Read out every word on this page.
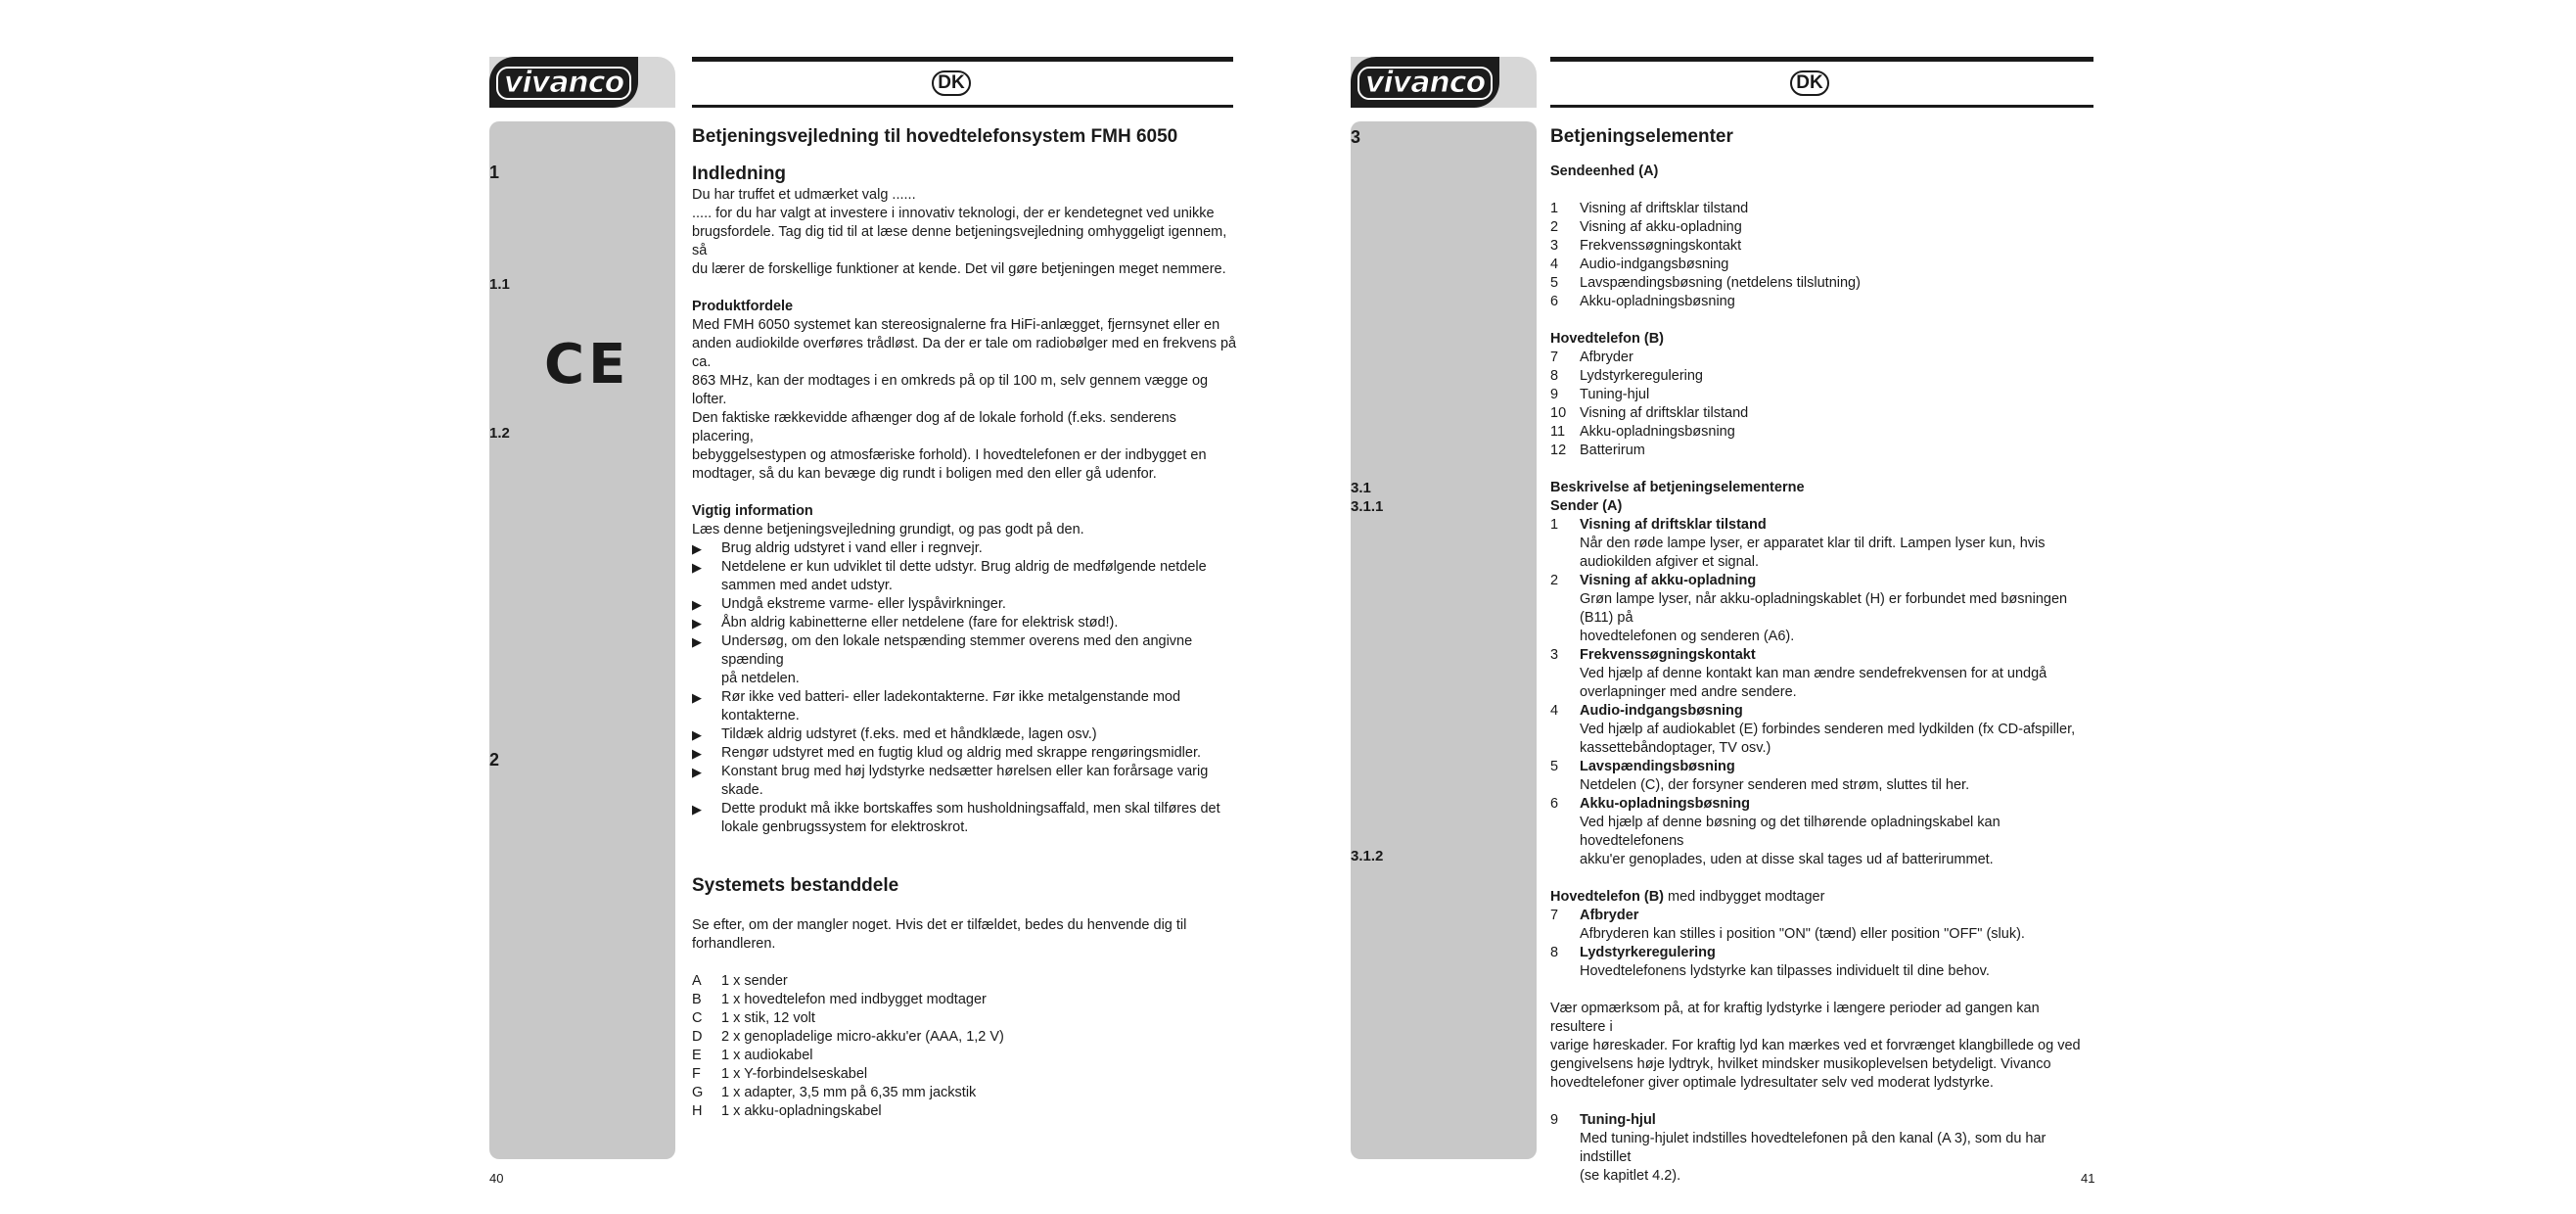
vivanco	DK
1
1.1
1.2
2
CE

Betjeningsvejledning til hovedtelefonsystem FMH 6050

Indledning

Du har truffet et udmærket valg ......

..... for du har valgt at investere i innovativ teknologi, der er kendetegnet ved unikke

brugsfordele. Tag dig tid til at læse denne betjeningsvejledning omhyggeligt igennem, så

du lærer de forskellige funktioner at kende. Det vil gøre betjeningen meget nemmere.

Produktfordele

Med FMH 6050 systemet kan stereosignalerne fra HiFi-anlægget, fjernsynet eller en

anden audiokilde overføres trådløst. Da der er tale om radiobølger med en frekvens på ca.

863 MHz, kan der modtages i en omkreds på op til 100 m, selv gennem vægge og lofter.

Den faktiske rækkevidde afhænger dog af de lokale forhold (f.eks. senderens placering,

bebyggelsestypen og atmosfæriske forhold). I hovedtelefonen er der indbygget en

modtager, så du kan bevæge dig rundt i boligen med den eller gå udenfor.

Vigtig information

Læs denne betjeningsvejledning grundigt, og pas godt på den.

▶	Brug aldrig udstyret i vand eller i regnvejr.

▶	Netdelene er kun udviklet til dette udstyr. Brug aldrig de medfølgende netdele

sammen med andet udstyr.

▶	Undgå ekstreme varme- eller lyspåvirkninger.

▶	Åbn aldrig kabinetterne eller netdelene (fare for elektrisk stød!).

▶	Undersøg, om den lokale netspænding stemmer overens med den angivne spænding

på netdelen.

▶	Rør ikke ved batteri- eller ladekontakterne. Før ikke metalgenstande mod

kontakterne.

▶	Tildæk aldrig udstyret (f.eks. med et håndklæde, lagen osv.)

▶	Rengør udstyret med en fugtig klud og aldrig med skrappe rengøringsmidler.

▶	Konstant brug med høj lydstyrke nedsætter hørelsen eller kan forårsage varig skade.

▶	Dette produkt må ikke bortskaffes som husholdningsaffald, men skal tilføres det

lokale genbrugssystem for elektroskrot.

Systemets bestanddele

Se efter, om der mangler noget. Hvis det er tilfældet, bedes du henvende dig til

forhandleren.

A	1 x sender
B	1 x hovedtelefon med indbygget modtager
C	1 x stik, 12 volt
D	2 x genopladelige micro-akku'er (AAA, 1,2 V)
E	1 x audiokabel
F	1 x Y-forbindelseskabel
G	1 x adapter, 3,5 mm på 6,35 mm jackstik
H	1 x akku-opladningskabel
40
vivanco	DK
3
3.1
3.1.1
3.1.2

Betjeningselementer

Sendeenhed (A)

1	Visning af driftsklar tilstand
2	Visning af akku-opladning
3	Frekvenssøgningskontakt
4	Audio-indgangsbøsning
5	Lavspændingsbøsning (netdelens tilslutning)
6	Akku-opladningsbøsning

Hovedtelefon (B)

7	Afbryder
8	Lydstyrkeregulering
9	Tuning-hjul
10 Visning af driftsklar tilstand
11	Akku-opladningsbøsning
12 Batterirum

Beskrivelse af betjeningselementerne

Sender (A)

1	Visning af driftsklar tilstand

Når den røde lampe lyser, er apparatet klar til drift. Lampen lyser kun, hvis

audiokilden afgiver et signal.

2	Visning af akku-opladning

Grøn lampe lyser, når akku-opladningskablet (H) er forbundet med bøsningen (B11) på

hovedtelefonen og senderen (A6).

3	Frekvenssøgningskontakt

Ved hjælp af denne kontakt kan man ændre sendefrekvensen for at undgå

overlapninger med andre sendere.

4	Audio-indgangsbøsning

Ved hjælp af audiokablet (E) forbindes senderen med lydkilden (fx CD-afspiller,

kassettebåndoptager, TV osv.)

5	Lavspændingsbøsning

Netdelen (C), der forsyner senderen med strøm, sluttes til her.

6	Akku-opladningsbøsning

Ved hjælp af denne bøsning og det tilhørende opladningskabel kan hovedtelefonens

akku'er genoplades, uden at disse skal tages ud af batterirummet.

Hovedtelefon (B) med indbygget modtager

7	Afbryder

Afbryderen kan stilles i position "ON" (tænd) eller position "OFF" (sluk).

8	Lydstyrkeregulering

Hovedtelefonens lydstyrke kan tilpasses individuelt til dine behov.

Vær opmærksom på, at for kraftig lydstyrke i længere perioder ad gangen kan resultere i

varige høreskader. For kraftig lyd kan mærkes ved et forvrænget klangbillede og ved

gengivelsens høje lydtryk, hvilket mindsker musikoplevelsen betydeligt. Vivanco

hovedtelefoner giver optimale lydresultater selv ved moderat lydstyrke.

9	Tuning-hjul

Med tuning-hjulet indstilles hovedtelefonen på den kanal (A 3), som du har indstillet

(se kapitlet 4.2).	41
